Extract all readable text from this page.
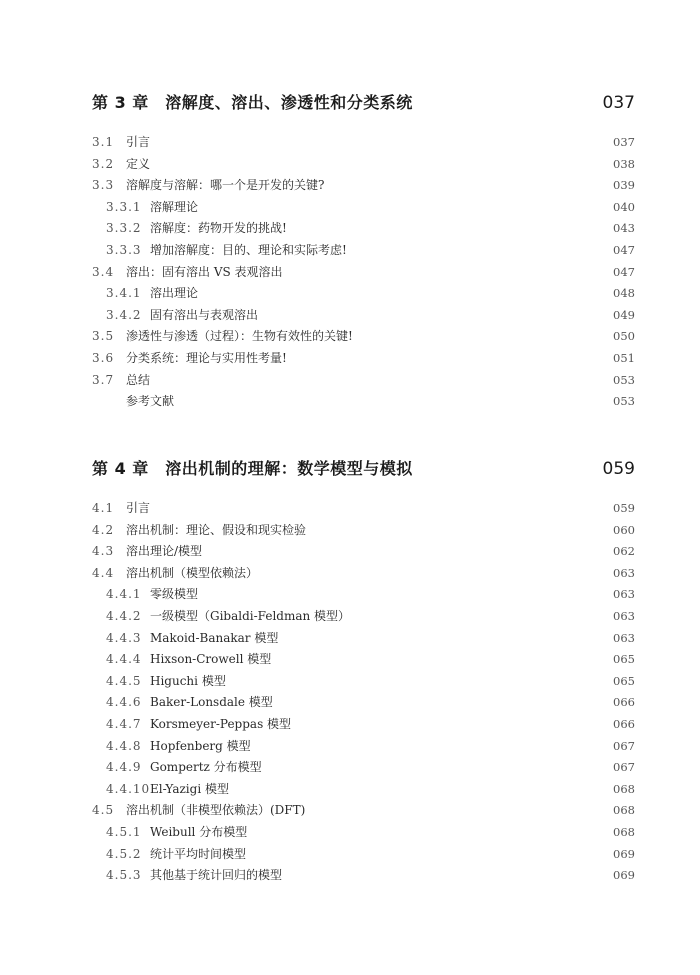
第 3 章　溶解度、溶出、渗透性和分类系统	037
3.1 引言	037
3.2 定义	038
3.3 溶解度与溶解：哪一个是开发的关键?	039
3.3.1 溶解理论	040
3.3.2 溶解度：药物开发的挑战!	043
3.3.3 增加溶解度：目的、理论和实际考虑!	047
3.4 溶出：固有溶出 VS 表观溶出	047
3.4.1 溶出理论	048
3.4.2 固有溶出与表观溶出	049
3.5 渗透性与渗透（过程）：生物有效性的关键!	050
3.6 分类系统：理论与实用性考量!	051
3.7 总结	053
参考文献	053
第 4 章　溶出机制的理解：数学模型与模拟	059
4.1 引言	059
4.2 溶出机制：理论、假设和现实检验	060
4.3 溶出理论/模型	062
4.4 溶出机制（模型依赖法）	063
4.4.1 零级模型	063
4.4.2 一级模型（Gibaldi-Feldman 模型）	063
4.4.3 Makoid-Banakar 模型	063
4.4.4 Hixson-Crowell 模型	065
4.4.5 Higuchi 模型	065
4.4.6 Baker-Lonsdale 模型	066
4.4.7 Korsmeyer-Peppas 模型	066
4.4.8 Hopfenberg 模型	067
4.4.9 Gompertz 分布模型	067
4.4.10El-Yazigi 模型	068
4.5 溶出机制（非模型依赖法）(DFT)	068
4.5.1 Weibull 分布模型	068
4.5.2 统计平均时间模型	069
4.5.3 其他基于统计回归的模型	069
